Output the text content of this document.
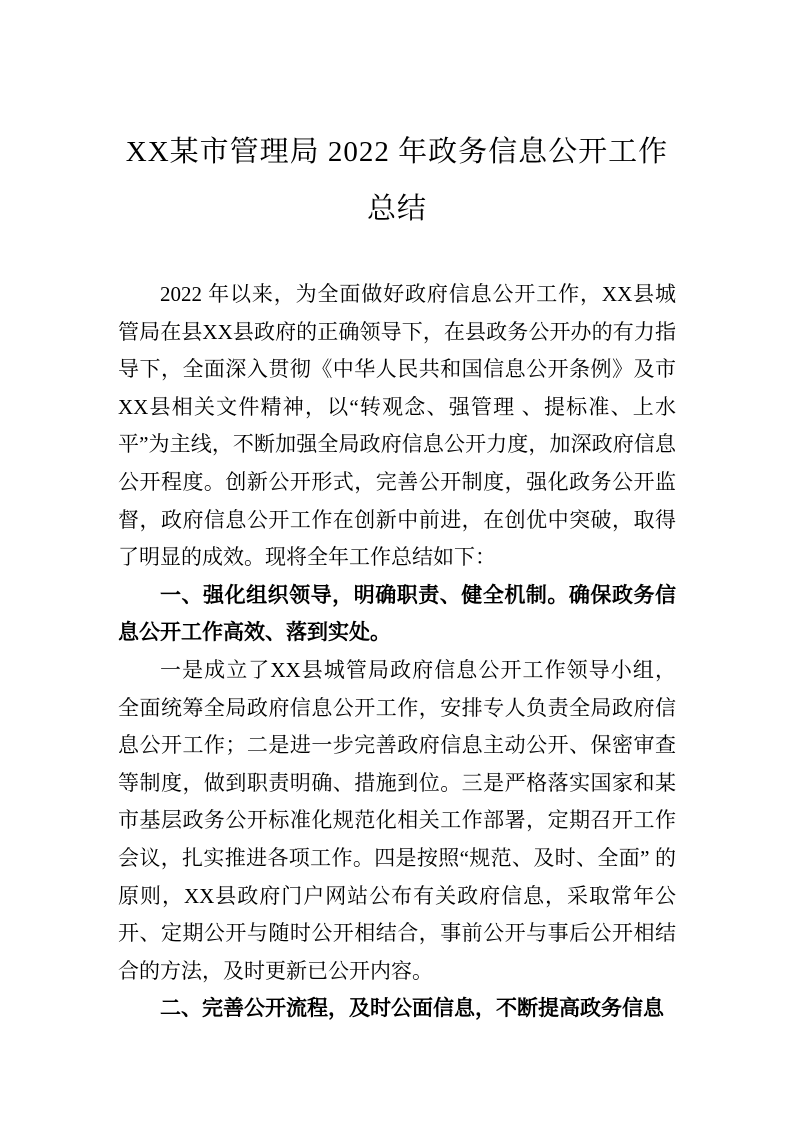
XX某市管理局 2022 年政务信息公开工作总结

2022 年以来，为全面做好政府信息公开工作，XX县城管局在县XX县政府的正确领导下，在县政务公开办的有力指导下，全面深入贯彻《中华人民共和国信息公开条例》及市XX县相关文件精神，以“转观念、强管理 、提标准、上水平”为主线，不断加强全局政府信息公开力度，加深政府信息公开程度。创新公开形式，完善公开制度，强化政务公开监督，政府信息公开工作在创新中前进，在创优中突破，取得了明显的成效。现将全年工作总结如下：

一、强化组织领导，明确职责、健全机制。确保政务信息公开工作高效、落到实处。

一是成立了XX县城管局政府信息公开工作领导小组， 全面统筹全局政府信息公开工作，安排专人负责全局政府信息公开工作；二是进一步完善政府信息主动公开、保密审查等制度，做到职责明确、措施到位。三是严格落实国家和某市基层政务公开标准化规范化相关工作部署，定期召开工作会议，扎实推进各项工作。四是按照“规范、及时、全面” 的原则，XX县政府门户网站公布有关政府信息，采取常年公开、定期公开与随时公开相结合，事前公开与事后公开相结合的方法，及时更新已公开内容。

二、完善公开流程，及时公面信息，不断提高政务信息
